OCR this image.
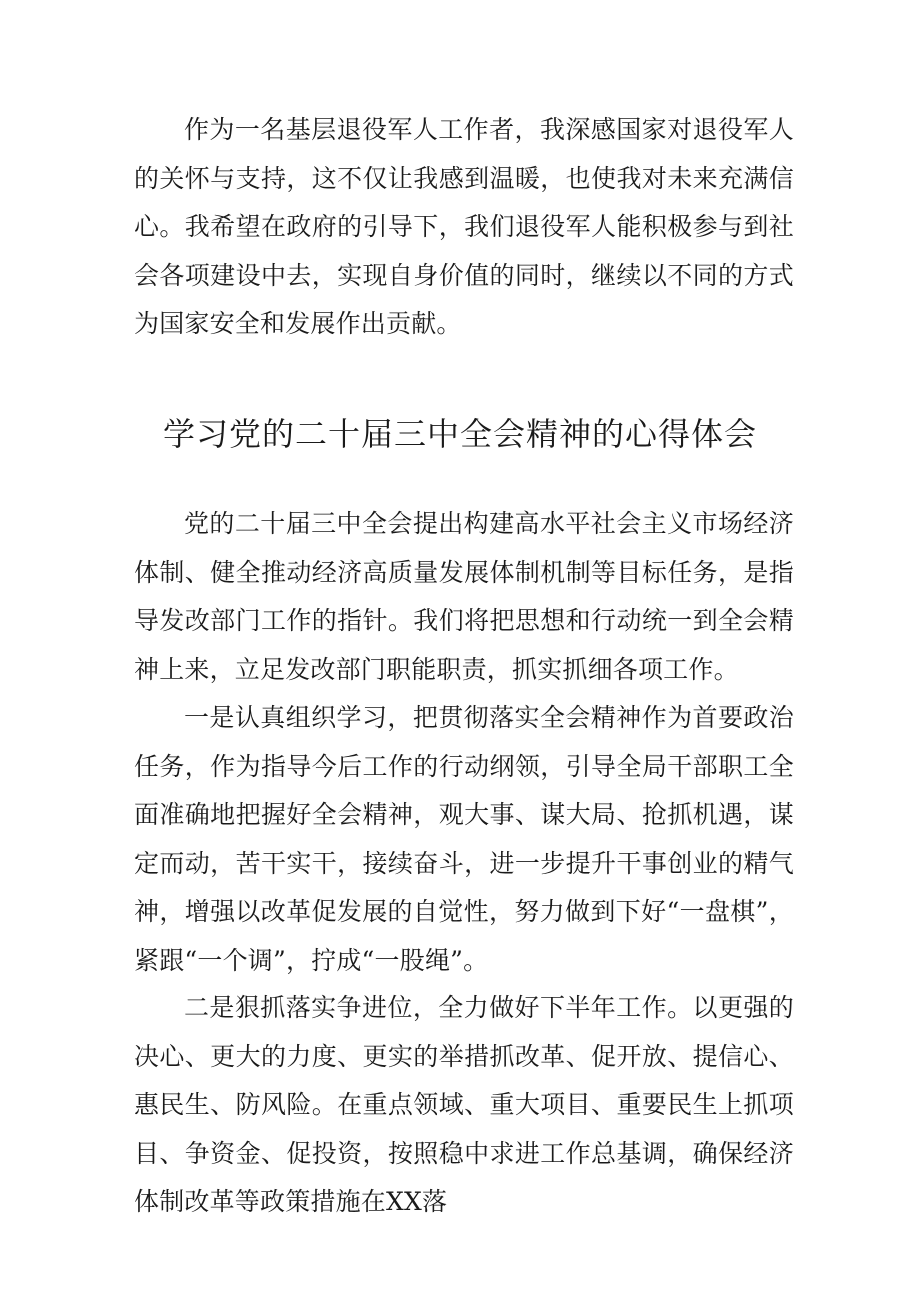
作为一名基层退役军人工作者，我深感国家对退役军人的关怀与支持，这不仅让我感到温暖，也使我对未来充满信心。我希望在政府的引导下，我们退役军人能积极参与到社会各项建设中去，实现自身价值的同时，继续以不同的方式为国家安全和发展作出贡献。

学习党的二十届三中全会精神的心得体会

党的二十届三中全会提出构建高水平社会主义市场经济体制、健全推动经济高质量发展体制机制等目标任务，是指导发改部门工作的指针。我们将把思想和行动统一到全会精神上来，立足发改部门职能职责，抓实抓细各项工作。

一是认真组织学习，把贯彻落实全会精神作为首要政治任务，作为指导今后工作的行动纲领，引导全局干部职工全面准确地把握好全会精神，观大事、谋大局、抢抓机遇，谋定而动，苦干实干，接续奋斗，进一步提升干事创业的精气神，增强以改革促发展的自觉性，努力做到下好“一盘棋”，紧跟“一个调”，拧成“一股绳”。

二是狠抓落实争进位，全力做好下半年工作。以更强的决心、更大的力度、更实的举措抓改革、促开放、提信心、惠民生、防风险。在重点领域、重大项目、重要民生上抓项目、争资金、促投资，按照稳中求进工作总基调，确保经济体制改革等政策措施在XX落
